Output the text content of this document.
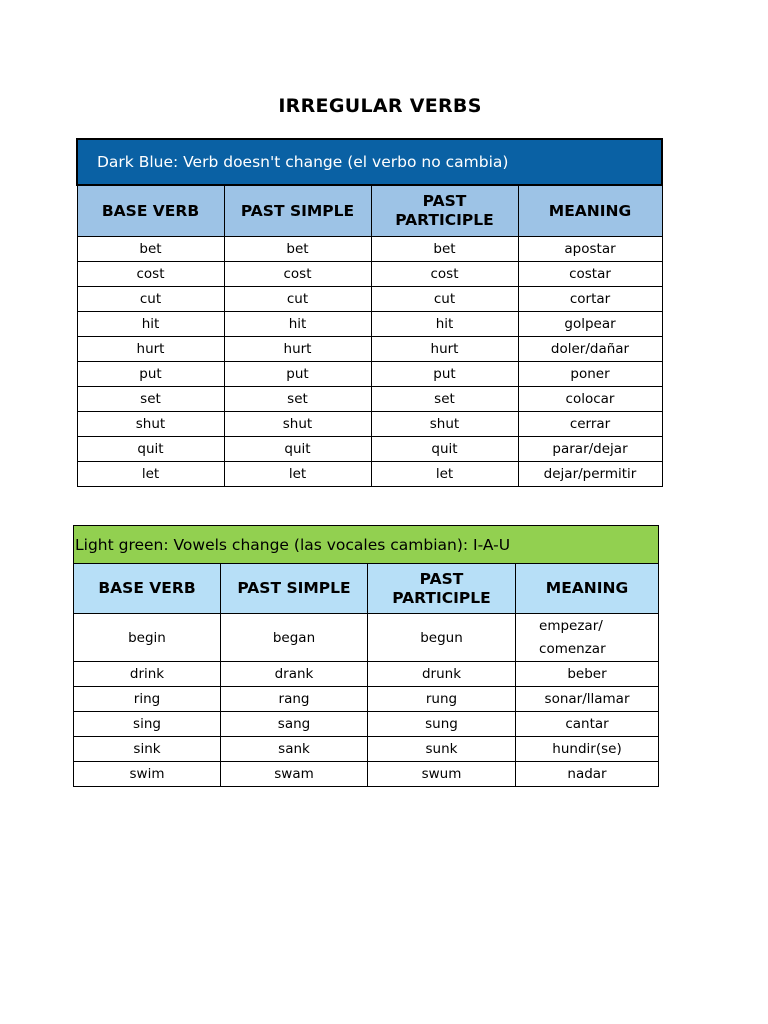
IRREGULAR VERBS
Dark Blue: Verb doesn't change (el verbo no cambia)			
BASE VERB	PAST SIMPLE	PAST PARTICIPLE	MEANING
bet	bet	bet	apostar
cost	cost	cost	costar
cut	cut	cut	cortar
hit	hit	hit	golpear
hurt	hurt	hurt	doler/dañar
put	put	put	poner
set	set	set	colocar
shut	shut	shut	cerrar
quit	quit	quit	parar/dejar
let	let	let	dejar/permitir
Light green: Vowels change (las vocales cambian): I-A-U			
BASE VERB	PAST SIMPLE	PAST PARTICIPLE	MEANING
begin	began	begun	empezar/ comenzar
drink	drank	drunk	beber
ring	rang	rung	sonar/llamar
sing	sang	sung	cantar
sink	sank	sunk	hundir(se)
swim	swam	swum	nadar
